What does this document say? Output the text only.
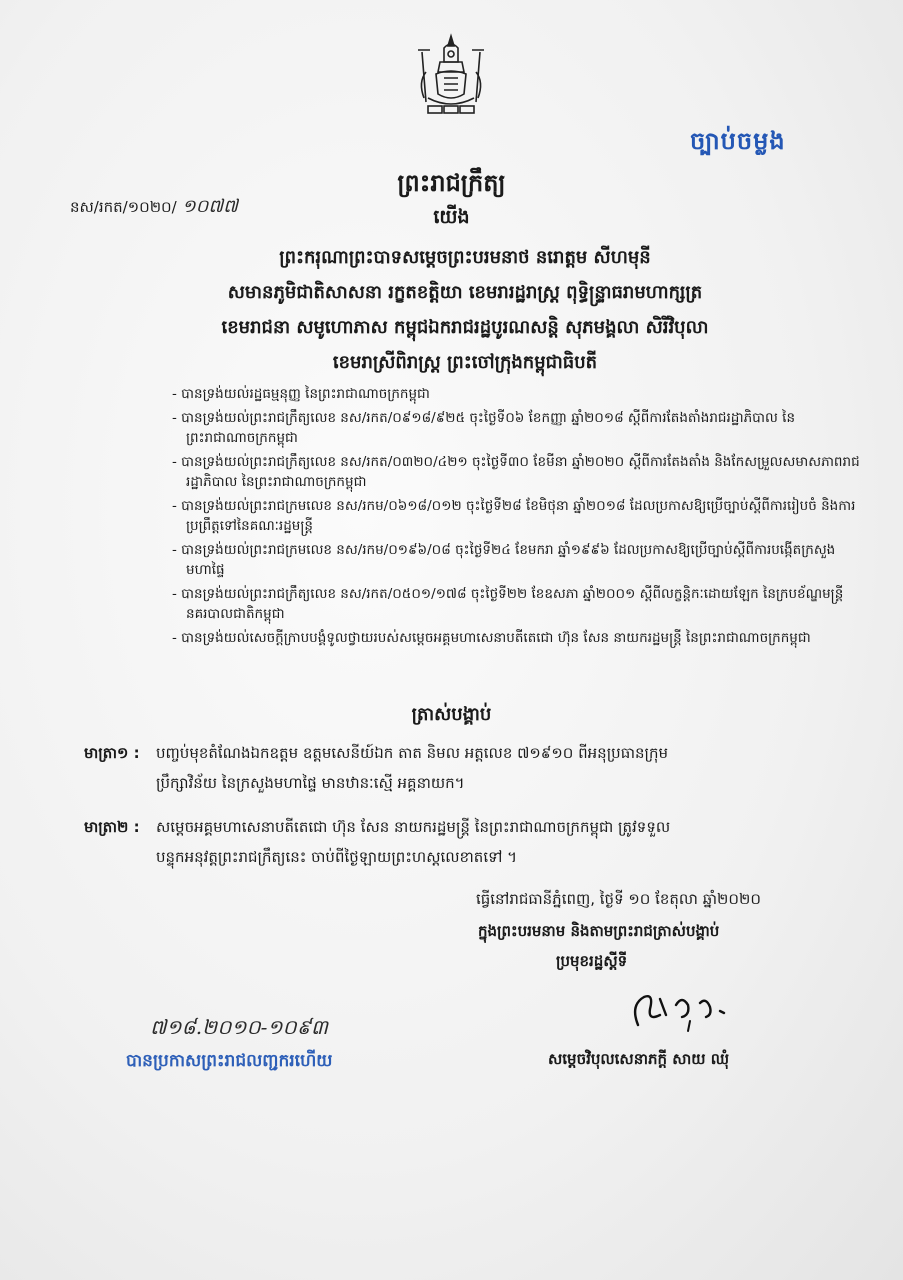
ច្បាប់ចម្លង
ព្រះរាជក្រឹត្យ
នស/រកត/១០២០/ ១០៧៧	យើង
ព្រះករុណាព្រះបាទសម្តេចព្រះបរមនាថ នរោត្តម សីហមុនី
សមានភូមិជាតិសាសនា រក្ខតខត្តិយា ខេមរារដ្ឋរាស្ត្រ ពុទ្ធិន្រ្ទាធរាមហាក្សត្រ
ខេមរាជនា សមូហោភាស កម្ពុជឯករាជរដ្ឋបូរណសន្តិ សុភមង្គលា សិរីវិបុលា
ខេមរាស្រីពិរាស្ត្រ ព្រះចៅក្រុងកម្ពុជាធិបតី
- បានទ្រង់យល់រដ្ឋធម្មនុញ្ញ នៃព្រះរាជាណាចក្រកម្ពុជា
- បានទ្រង់យល់ព្រះរាជក្រឹត្យលេខ នស/រកត/០៩១៨/៩២៥ ចុះថ្ងៃទី០៦ ខែកញ្ញា ឆ្នាំ២០១៨ ស្តីពីការតែងតាំងរាជរដ្ឋាភិបាល នៃព្រះរាជាណាចក្រកម្ពុជា
- បានទ្រង់យល់ព្រះរាជក្រឹត្យលេខ នស/រកត/០៣២០/៤២១ ចុះថ្ងៃទី៣០ ខែមីនា ឆ្នាំ២០២០ ស្តីពីការតែងតាំង និងកែសម្រួលសមាសភាពរាជរដ្ឋាភិបាល នៃព្រះរាជាណាចក្រកម្ពុជា
- បានទ្រង់យល់ព្រះរាជក្រមលេខ នស/រកម/០៦១៨/០១២ ចុះថ្ងៃទី២៨ ខែមិថុនា ឆ្នាំ២០១៨ ដែលប្រកាសឱ្យប្រើច្បាប់ស្តីពីការរៀបចំ និងការប្រព្រឹត្តទៅនៃគណៈរដ្ឋមន្ត្រី
- បានទ្រង់យល់ព្រះរាជក្រមលេខ នស/រកម/០១៩៦/០៨ ចុះថ្ងៃទី២៤ ខែមករា ឆ្នាំ១៩៩៦ ដែលប្រកាសឱ្យប្រើច្បាប់ស្តីពីការបង្កើតក្រសួងមហាផ្ទៃ
- បានទ្រង់យល់ព្រះរាជក្រឹត្យលេខ នស/រកត/០៥០១/១៧៨ ចុះថ្ងៃទី២២ ខែឧសភា ឆ្នាំ២០០១ ស្តីពីលក្ខន្តិកៈដោយឡែក នៃក្របខ័ណ្ឌមន្ត្រីនគរបាលជាតិកម្ពុជា
- បានទ្រង់យល់សេចក្តីក្រាបបង្គំទូលថ្វាយរបស់សម្តេចអគ្គមហាសេនាបតីតេជោ ហ៊ុន សែន នាយករដ្ឋមន្ត្រី នៃព្រះរាជាណាចក្រកម្ពុជា
ត្រាស់បង្គាប់
មាត្រា១ : បញ្ចប់មុខតំណែងឯកឧត្តម ឧត្តមសេនីយ៍ឯក តាត និមល អត្តលេខ ៧១៩១០ ពីអនុប្រធានក្រុម
ប្រឹក្សាវិន័យ នៃក្រសួងមហាផ្ទៃ មានឋានៈស្មើ អគ្គនាយក។
មាត្រា២ : សម្តេចអគ្គមហាសេនាបតីតេជោ ហ៊ុន សែន នាយករដ្ឋមន្ត្រី នៃព្រះរាជាណាចក្រកម្ពុជា ត្រូវទទួល
បន្ទុកអនុវត្តព្រះរាជក្រឹត្យនេះ ចាប់ពីថ្ងៃឡាយព្រះហស្តលេខាតទៅ ។
ធ្វើនៅរាជធានីភ្នំពេញ, ថ្ងៃទី ១០ ខែតុលា ឆ្នាំ២០២០
ក្នុងព្រះបរមនាម និងតាមព្រះរាជត្រាស់បង្គាប់
ប្រមុខរដ្ឋស្តីទី
សម្តេចវិបុលសេនាភក្តី សាយ ឈុំ
៧១៨.២០១០-១០៩៣
បានប្រកាសព្រះរាជលញ្ជករហើយ
